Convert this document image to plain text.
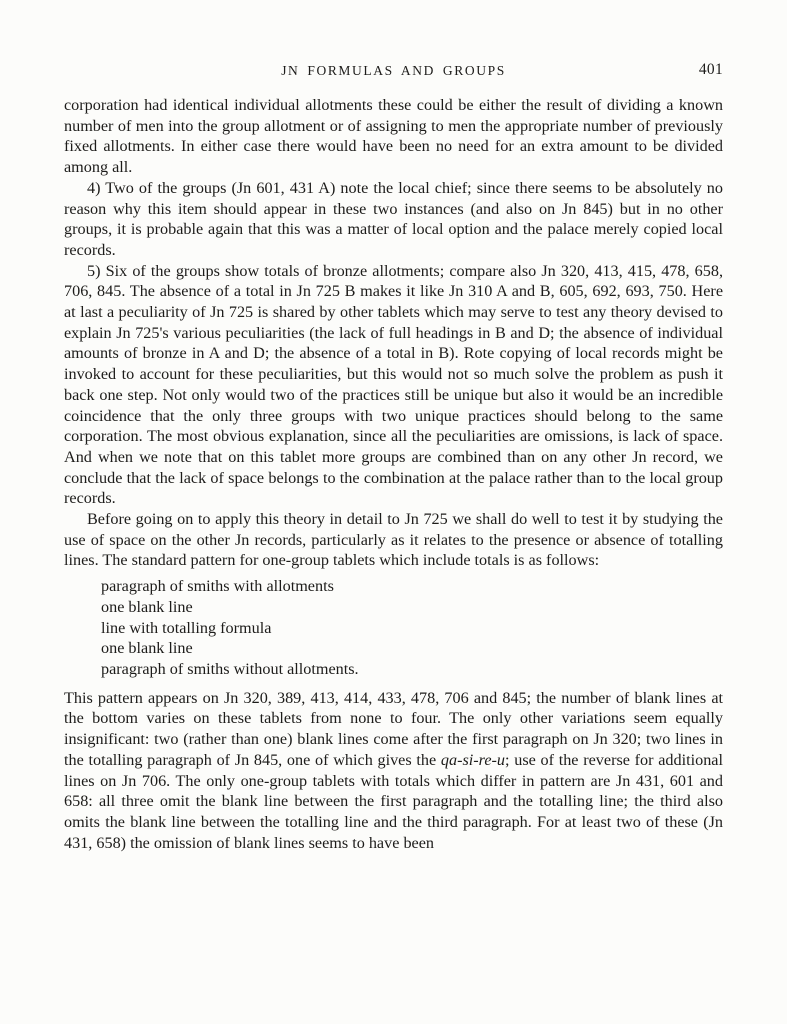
JN FORMULAS AND GROUPS	401

corporation had identical individual allotments these could be either the result of dividing a known number of men into the group allotment or of assigning to men the appropriate number of previously fixed allotments. In either case there would have been no need for an extra amount to be divided among all.

4) Two of the groups (Jn 601, 431 A) note the local chief; since there seems to be absolutely no reason why this item should appear in these two instances (and also on Jn 845) but in no other groups, it is probable again that this was a matter of local option and the palace merely copied local records.

5) Six of the groups show totals of bronze allotments; compare also Jn 320, 413, 415, 478, 658, 706, 845. The absence of a total in Jn 725 B makes it like Jn 310 A and B, 605, 692, 693, 750. Here at last a peculiarity of Jn 725 is shared by other tablets which may serve to test any theory devised to explain Jn 725's various peculiarities (the lack of full headings in B and D; the absence of individual amounts of bronze in A and D; the absence of a total in B). Rote copying of local records might be invoked to account for these peculiarities, but this would not so much solve the problem as push it back one step. Not only would two of the practices still be unique but also it would be an incredible coincidence that the only three groups with two unique practices should belong to the same corporation. The most obvious explanation, since all the peculiarities are omissions, is lack of space. And when we note that on this tablet more groups are combined than on any other Jn record, we conclude that the lack of space belongs to the combination at the palace rather than to the local group records.

Before going on to apply this theory in detail to Jn 725 we shall do well to test it by studying the use of space on the other Jn records, particularly as it relates to the presence or absence of totalling lines. The standard pattern for one-group tablets which include totals is as follows:

paragraph of smiths with allotments
one blank line
line with totalling formula
one blank line
paragraph of smiths without allotments.

This pattern appears on Jn 320, 389, 413, 414, 433, 478, 706 and 845; the number of blank lines at the bottom varies on these tablets from none to four. The only other variations seem equally insignificant: two (rather than one) blank lines come after the first paragraph on Jn 320; two lines in the totalling paragraph of Jn 845, one of which gives the qa-si-re-u; use of the reverse for additional lines on Jn 706. The only one-group tablets with totals which differ in pattern are Jn 431, 601 and 658: all three omit the blank line between the first paragraph and the totalling line; the third also omits the blank line between the totalling line and the third paragraph. For at least two of these (Jn 431, 658) the omission of blank lines seems to have been
